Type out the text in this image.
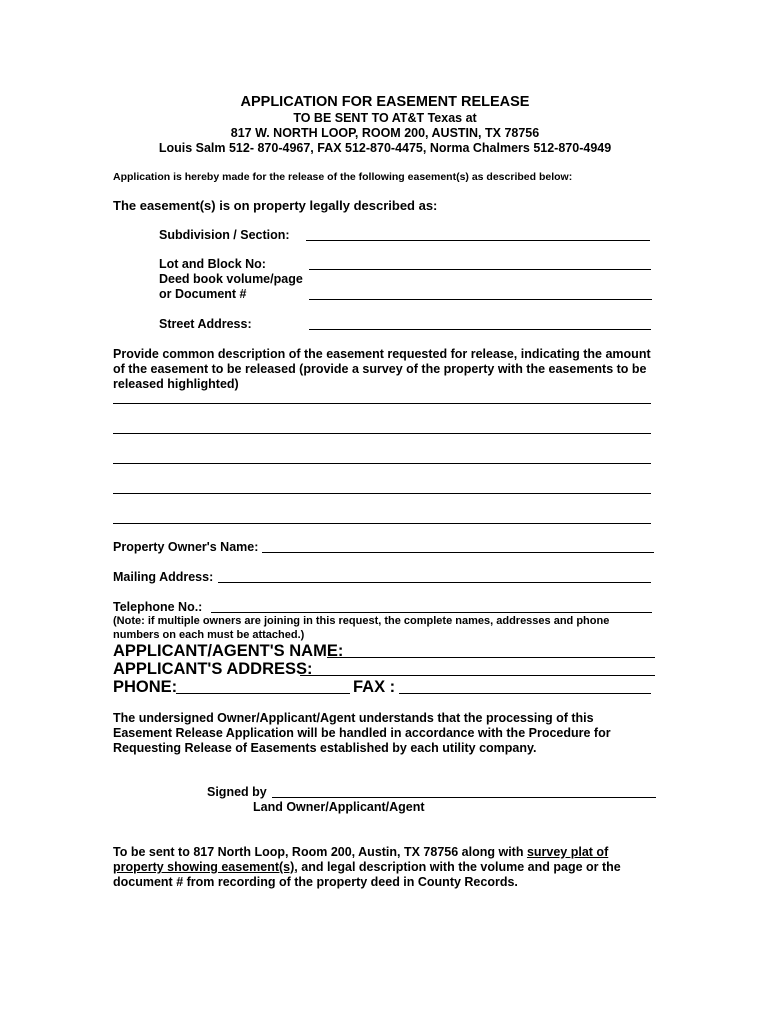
APPLICATION FOR EASEMENT RELEASE
TO BE SENT TO AT&T Texas at
817 W. NORTH LOOP, ROOM 200, AUSTIN, TX 78756
Louis Salm 512- 870-4967, FAX 512-870-4475, Norma Chalmers 512-870-4949
Application is hereby made for the release of the following easement(s) as described below:
The easement(s) is on property legally described as:
Subdivision / Section:
Lot and Block No:
Deed book volume/page
or Document #
Street Address:
Provide common description of the easement requested for release, indicating the amount
of the easement to be released (provide a survey of the property with the easements to be
released highlighted)
Property Owner's Name:
Mailing Address:
Telephone No.:
(Note: if multiple owners are joining in this request, the complete names, addresses and phone
numbers on each must be attached.)
APPLICANT/AGENT'S NAME:
APPLICANT'S ADDRESS:
PHONE:	FAX :
The undersigned Owner/Applicant/Agent understands that the processing of this
Easement Release Application will be handled in accordance with the Procedure for
Requesting Release of Easements established by each utility company.
Signed by
Land Owner/Applicant/Agent
To be sent to 817 North Loop, Room 200, Austin, TX 78756 along with survey plat of
property showing easement(s), and legal description with the volume and page or the
document # from recording of the property deed in County Records.
